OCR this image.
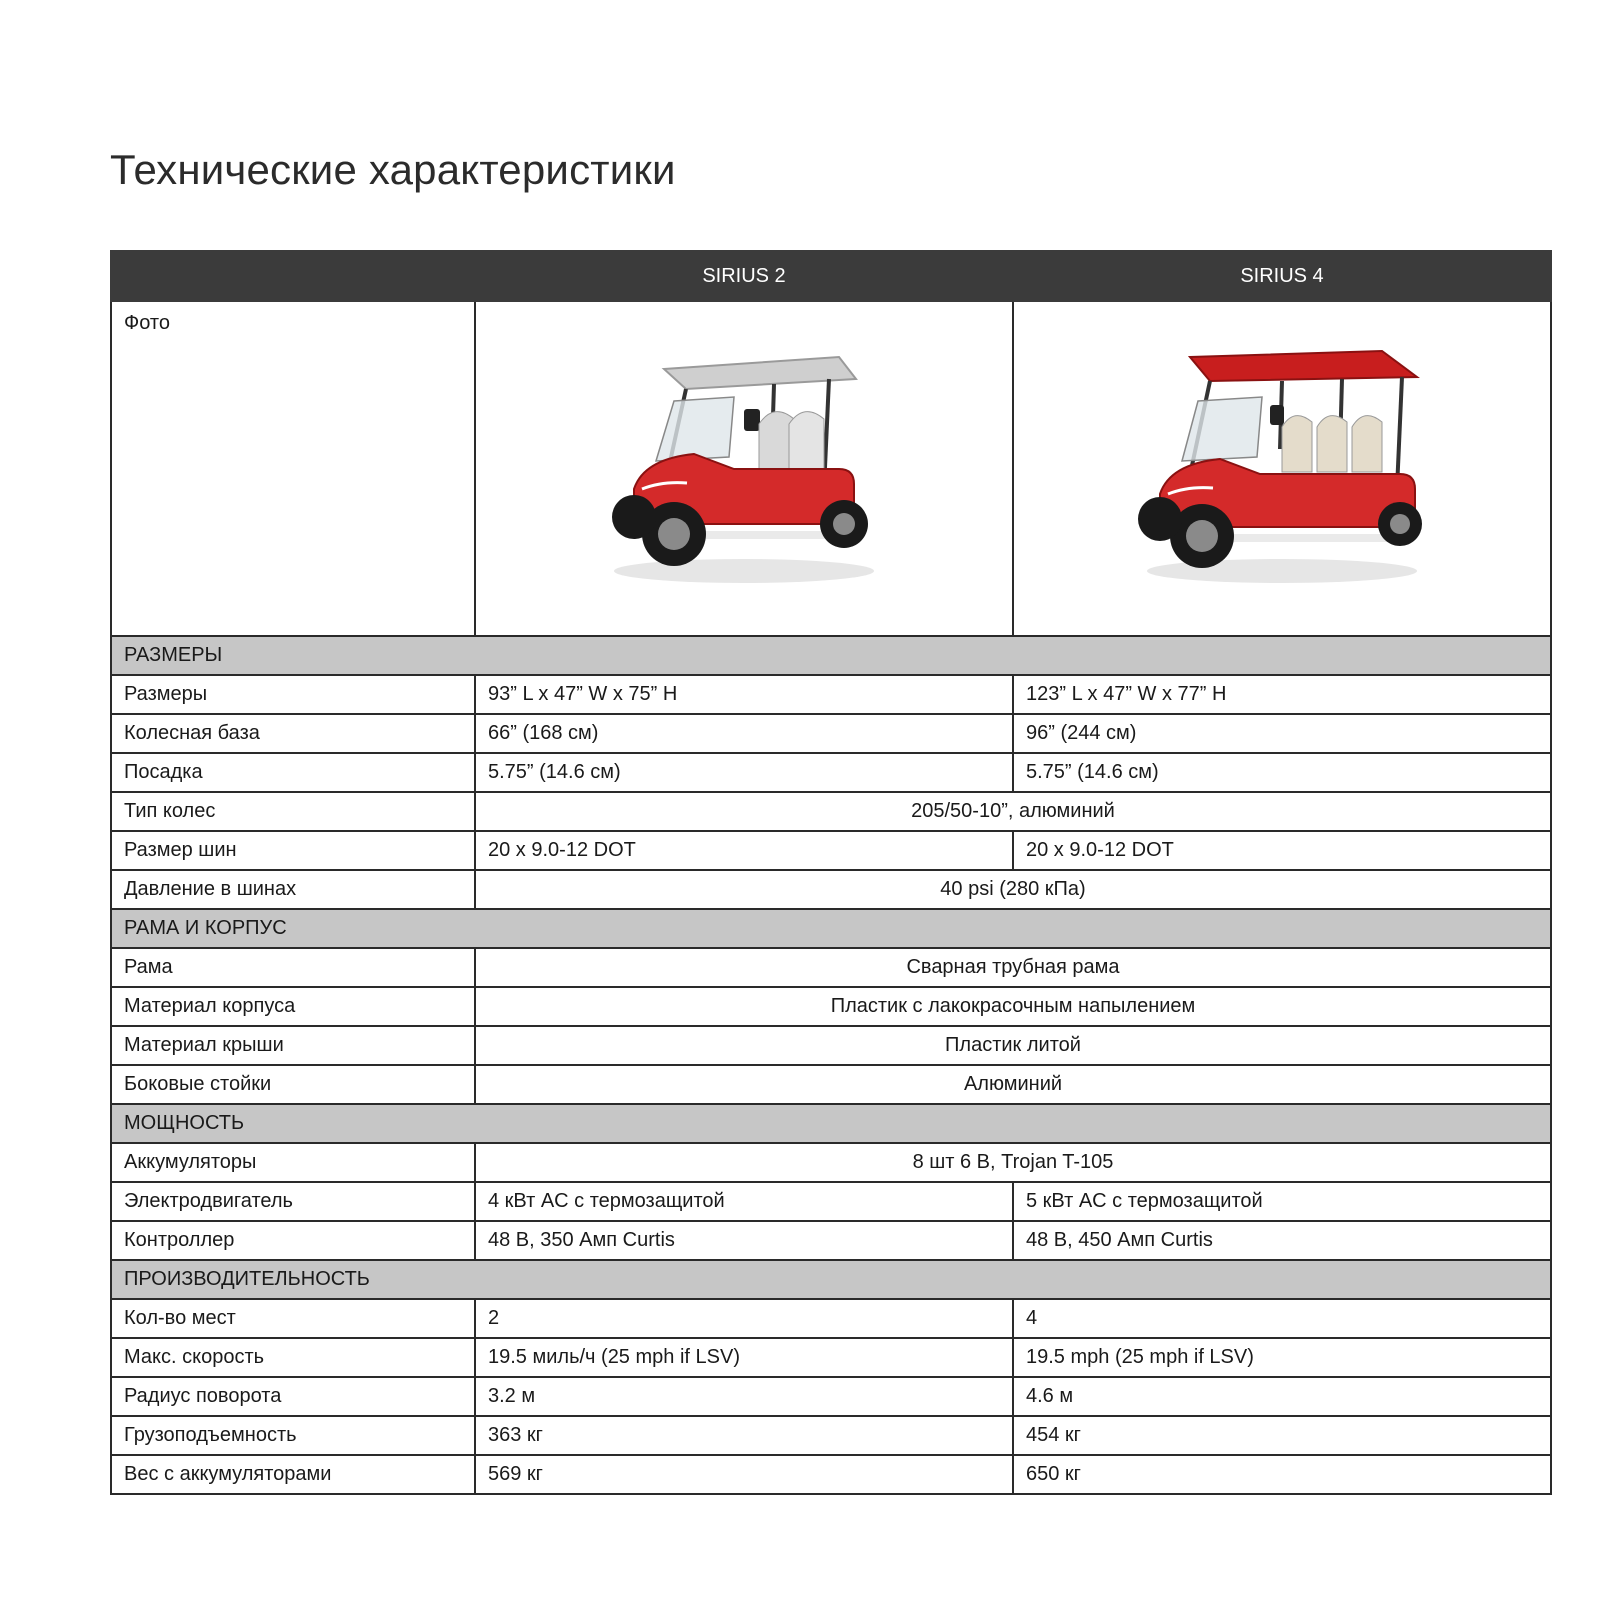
Технические характеристики
	SIRIUS 2	SIRIUS 4
Фото	

РАЗМЕРЫ		
Размеры	93” L x 47” W x 75” H	123” L x 47” W x 77” H
Колесная база	66” (168 см)	96” (244 см)
Посадка	5.75” (14.6 см)	5.75” (14.6 см)
Тип колес	205/50-10”, алюминий	
Размер шин	20 x 9.0-12 DOT	20 x 9.0-12 DOT
Давление в шинах	40 psi (280 кПа)	
РАМА И КОРПУС		
Рама	Сварная трубная рама	
Материал корпуса	Пластик с лакокрасочным напылением	
Материал крыши	Пластик литой	
Боковые стойки	Алюминий	
МОЩНОСТЬ		
Аккумуляторы	8 шт 6 В, Trojan T-105	
Электродвигатель	4 кВт AC с термозащитой	5 кВт AC с термозащитой
Контроллер	48 В, 350 Амп Curtis	48 В, 450 Амп Curtis
ПРОИЗВОДИТЕЛЬНОСТЬ		
Кол-во мест	2	4
Макс. скорость	19.5 миль/ч (25 mph if LSV)	19.5 mph (25 mph if LSV)
Радиус поворота	3.2 м	4.6 м
Грузоподъемность	363 кг	454 кг
Вес с аккумуляторами	569 кг	650 кг
